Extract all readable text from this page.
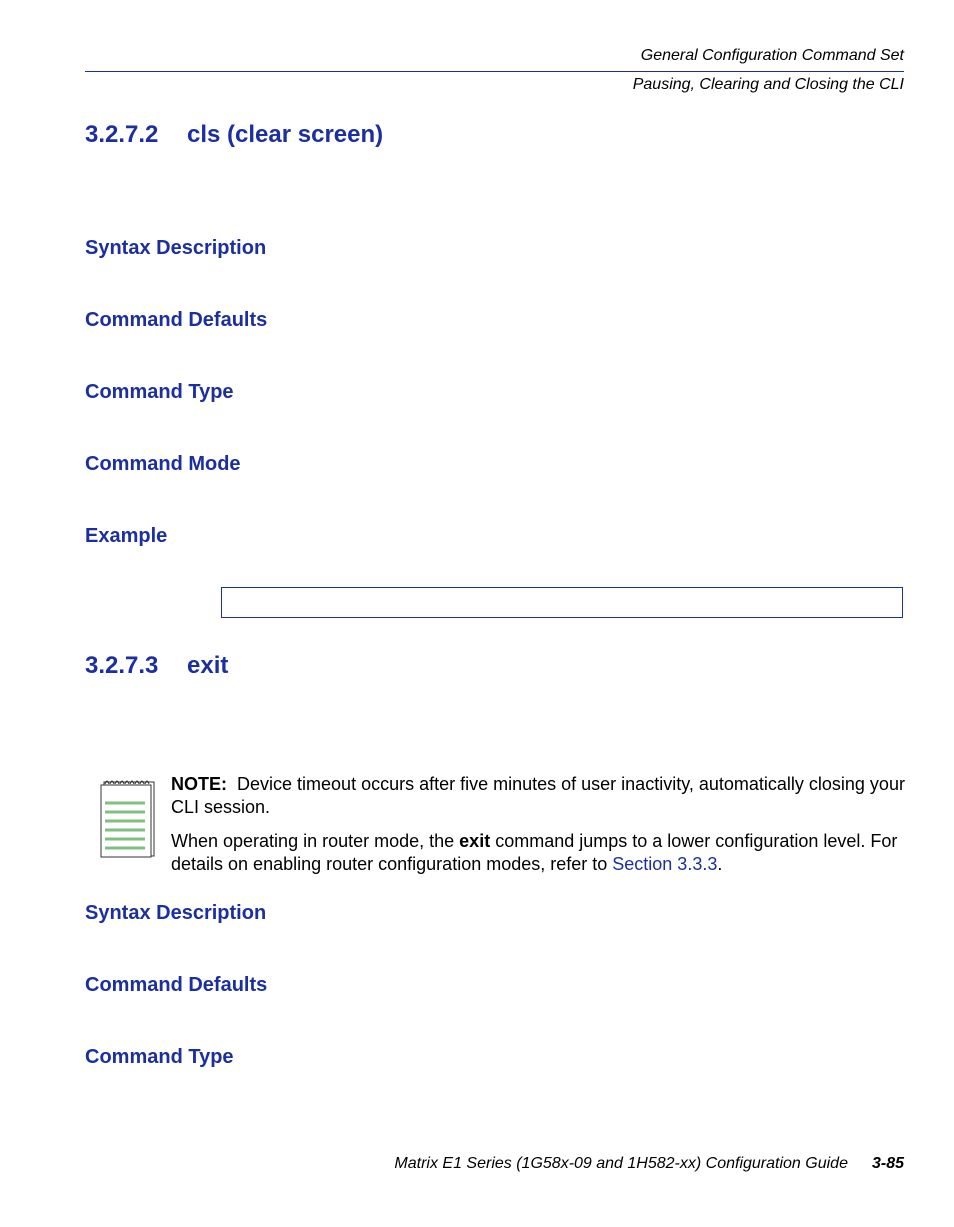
General Configuration Command Set
Pausing, Clearing and Closing the CLI
3.2.7.2 cls (clear screen)
Syntax Description
Command Defaults
Command Type
Command Mode
Example
3.2.7.3 exit
NOTE: Device timeout occurs after five minutes of user inactivity, automatically closing your CLI session.
When operating in router mode, the exit command jumps to a lower configuration level. For details on enabling router configuration modes, refer to Section 3.3.3.
Syntax Description
Command Defaults
Command Type
Matrix E1 Series (1G58x-09 and 1H582-xx) Configuration Guide 3-85
